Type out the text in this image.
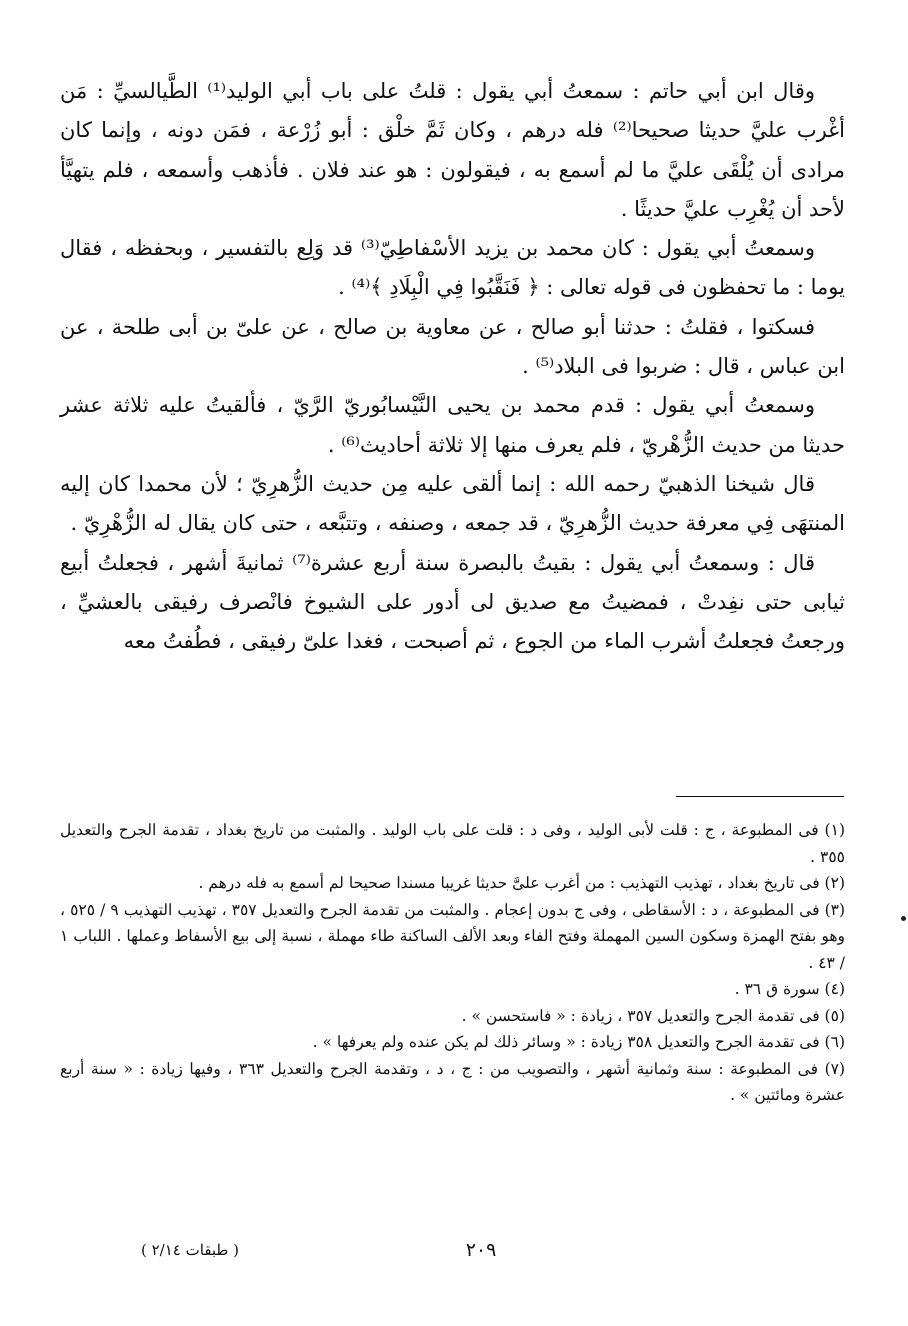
وقال ابن أبي حاتم : سمعتُ أبي يقول : قلتُ على باب أبي الوليد⁽¹⁾ الطَّيالسيِّ : مَن أغْرب عليَّ حديثا صحيحا⁽²⁾ فله درهم ، وكان ثَمَّ خلْق : أبو زُرْعة ، فمَن دونه ، وإنما كان مرادى أن يُلْقَى عليَّ ما لم أسمع به ، فيقولون : هو عند فلان . فأذهب وأسمعه ، فلم يتهيَّأ لأحد أن يُغْرِب عليَّ حديثًا .

وسمعتُ أبي يقول : كان محمد بن يزيد الأسْفاطِيّ⁽³⁾ قد وَلِع بالتفسير ، وبحفظه ، فقال يوما : ما تحفظون فى قوله تعالى : ﴿ فَنَقَّبُوا فِي الْبِلَادِ ﴾⁽⁴⁾ .

فسكتوا ، فقلتُ : حدثنا أبو صالح ، عن معاوية بن صالح ، عن علىّ بن أبى طلحة ، عن ابن عباس ، قال : ضربوا فى البلاد⁽⁵⁾ .

وسمعتُ أبي يقول : قدم محمد بن يحيى النَّيْسابُوريّ الرَّيّ ، فألقيتُ عليه ثلاثة عشر حديثا من حديث الزُّهْريّ ، فلم يعرف منها إلا ثلاثة أحاديث⁽⁶⁾ .

قال شيخنا الذهبيّ رحمه الله : إنما ألقى عليه مِن حديث الزُّهرِيّ ؛ لأن محمدا كان إليه المنتهَى فِي معرفة حديث الزُّهرِيّ ، قد جمعه ، وصنفه ، وتتبَّعه ، حتى كان يقال له الزُّهْرِيّ .

قال : وسمعتُ أبي يقول : بقيتُ بالبصرة سنة أربع عشرة⁽⁷⁾ ثمانيةَ أشهر ، فجعلتُ أبيع ثيابى حتى نفِدتْ ، فمضيتُ مع صديق لى أدور على الشيوخ فانْصرف رفيقى بالعشيِّ ، ورجعتُ فجعلتُ أشرب الماء من الجوع ، ثم أصبحت ، فغدا علىّ رفيقى ، فطُفتُ معه

(١) فى المطبوعة ، ج : قلت لأبى الوليد ، وفى د : قلت على باب الوليد . والمثبت من تاريخ بغداد ، تقدمة الجرح والتعديل ٣٥٥ .

(٢) فى تاريخ بغداد ، تهذيب التهذيب : من أغرب علىَّ حديثا غريبا مسندا صحيحا لم أسمع به فله درهم .

(٣) فى المطبوعة ، د : الأسقاطى ، وفى ج بدون إعجام . والمثبت من تقدمة الجرح والتعديل ٣٥٧ ، تهذيب التهذيب ٩ / ٥٢٥ ، وهو بفتح الهمزة وسكون السين المهملة وفتح الفاء وبعد الألف الساكنة طاء مهملة ، نسبة إلى بيع الأسفاط وعملها . اللباب ١ / ٤٣ .

(٤) سورة ق ٣٦ .

(٥) فى تقدمة الجرح والتعديل ٣٥٧ ، زيادة : « فاستحسن » .

(٦) فى تقدمة الجرح والتعديل ٣٥٨ زيادة : « وسائر ذلك لم يكن عنده ولم يعرفها » .

(٧) فى المطبوعة : سنة وثمانية أشهر ، والتصويب من : ج ، د ، وتقدمة الجرح والتعديل ٣٦٣ ، وفيها زيادة : « سنة أربع عشرة ومائتين » .

( طبقات ٢/١٤ )	٢٠٩
